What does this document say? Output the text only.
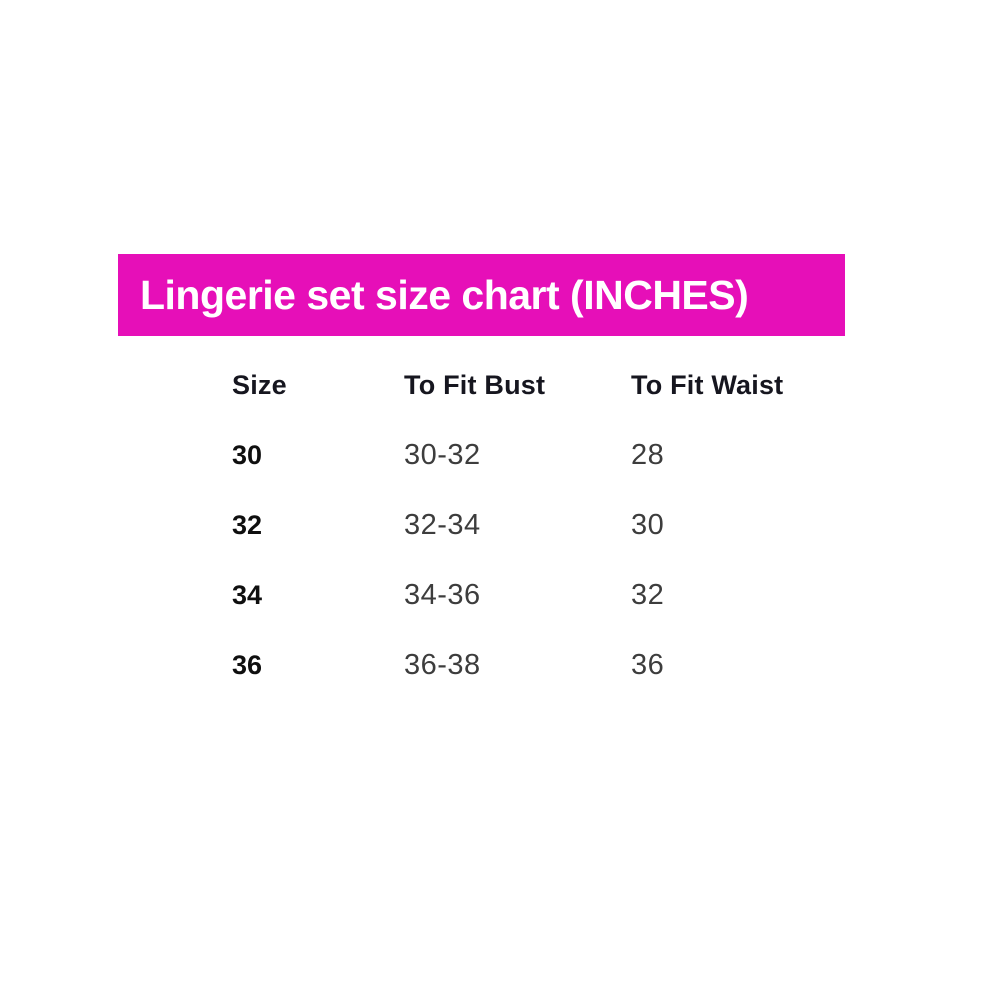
Lingerie set size chart (INCHES)
Size	To Fit Bust	To Fit Waist
30	30-32	28
32	32-34	30
34	34-36	32
36	36-38	36
